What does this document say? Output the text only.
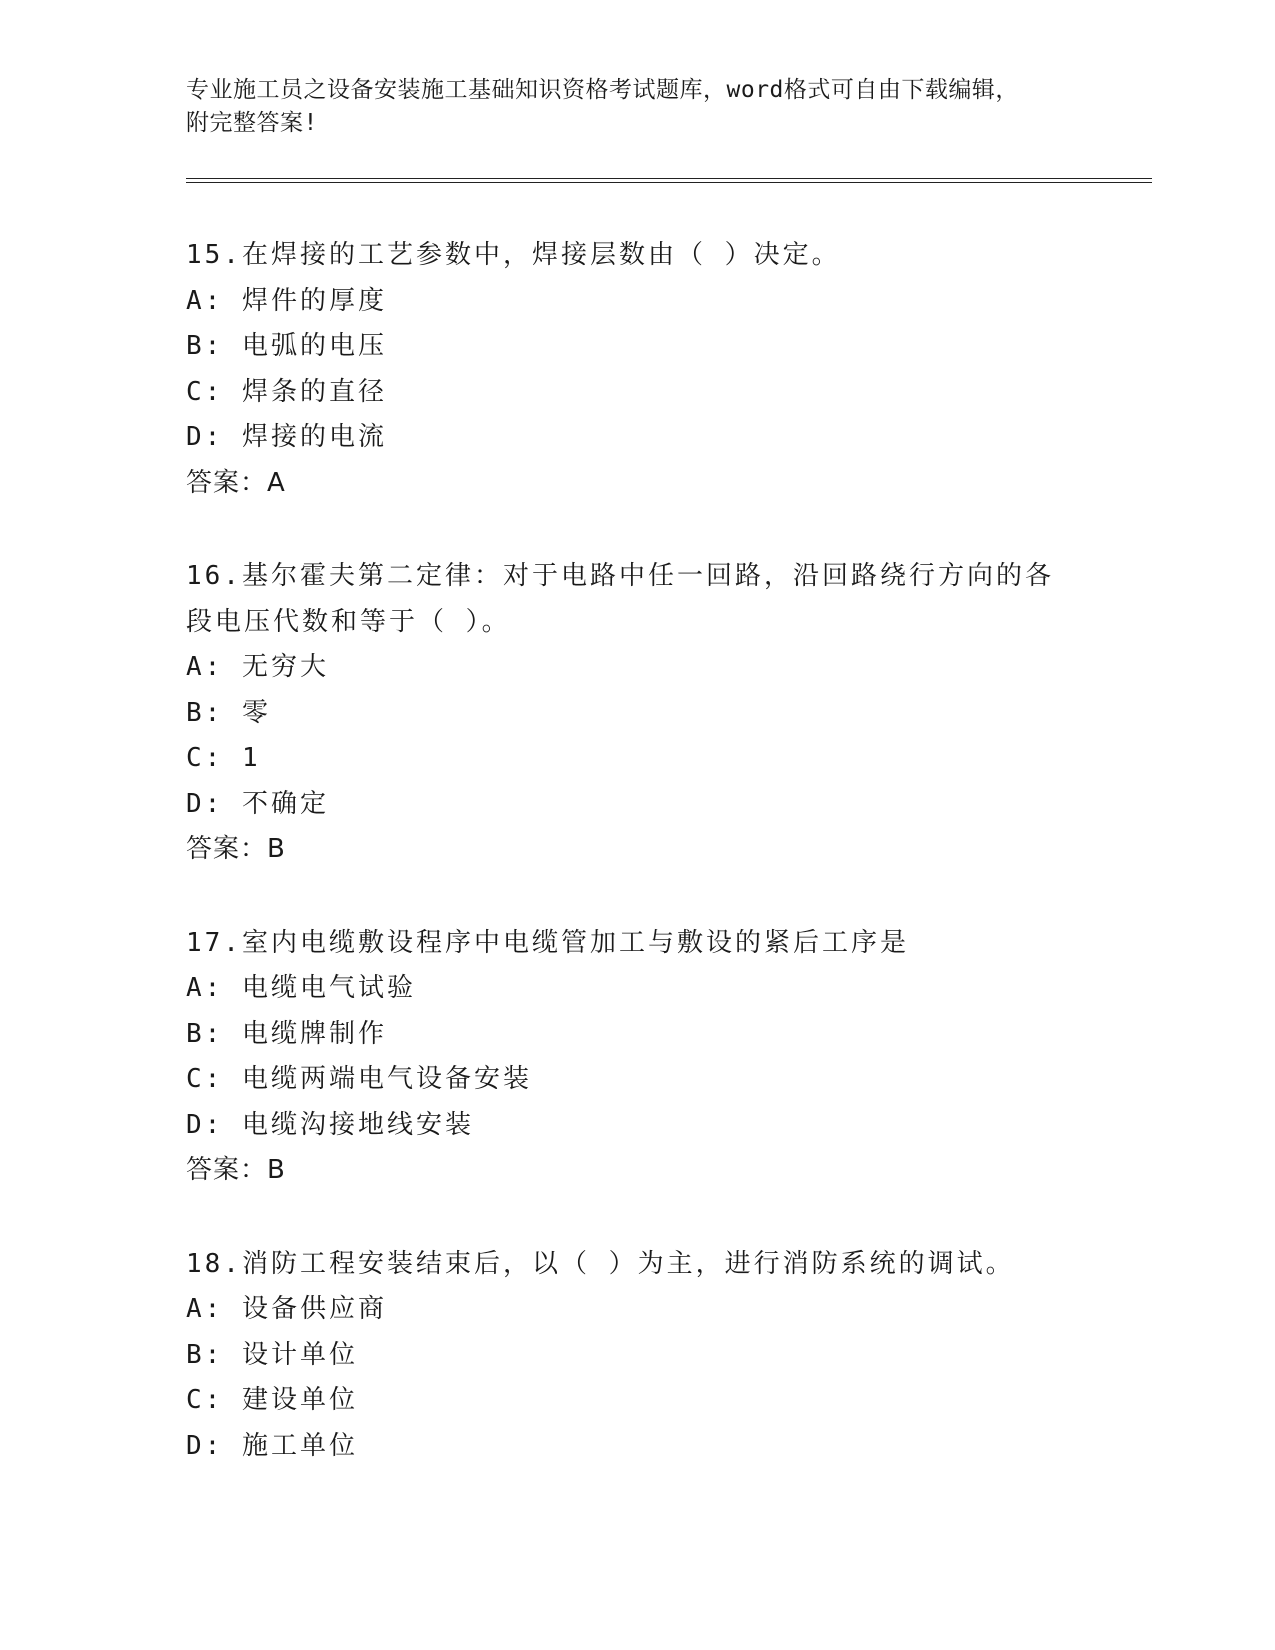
专业施工员之设备安装施工基础知识资格考试题库，word格式可自由下载编辑，
附完整答案!
15.在焊接的工艺参数中，焊接层数由（ ）决定。
A: 焊件的厚度
B: 电弧的电压
C: 焊条的直径
D: 焊接的电流
答案：A
16.基尔霍夫第二定律：对于电路中任一回路，沿回路绕行方向的各段电压代数和等于（ ）。
A: 无穷大
B: 零
C: 1
D: 不确定
答案：B
17.室内电缆敷设程序中电缆管加工与敷设的紧后工序是
A: 电缆电气试验
B: 电缆牌制作
C: 电缆两端电气设备安装
D: 电缆沟接地线安装
答案：B
18.消防工程安装结束后，以（ ）为主，进行消防系统的调试。
A: 设备供应商
B: 设计单位
C: 建设单位
D: 施工单位
